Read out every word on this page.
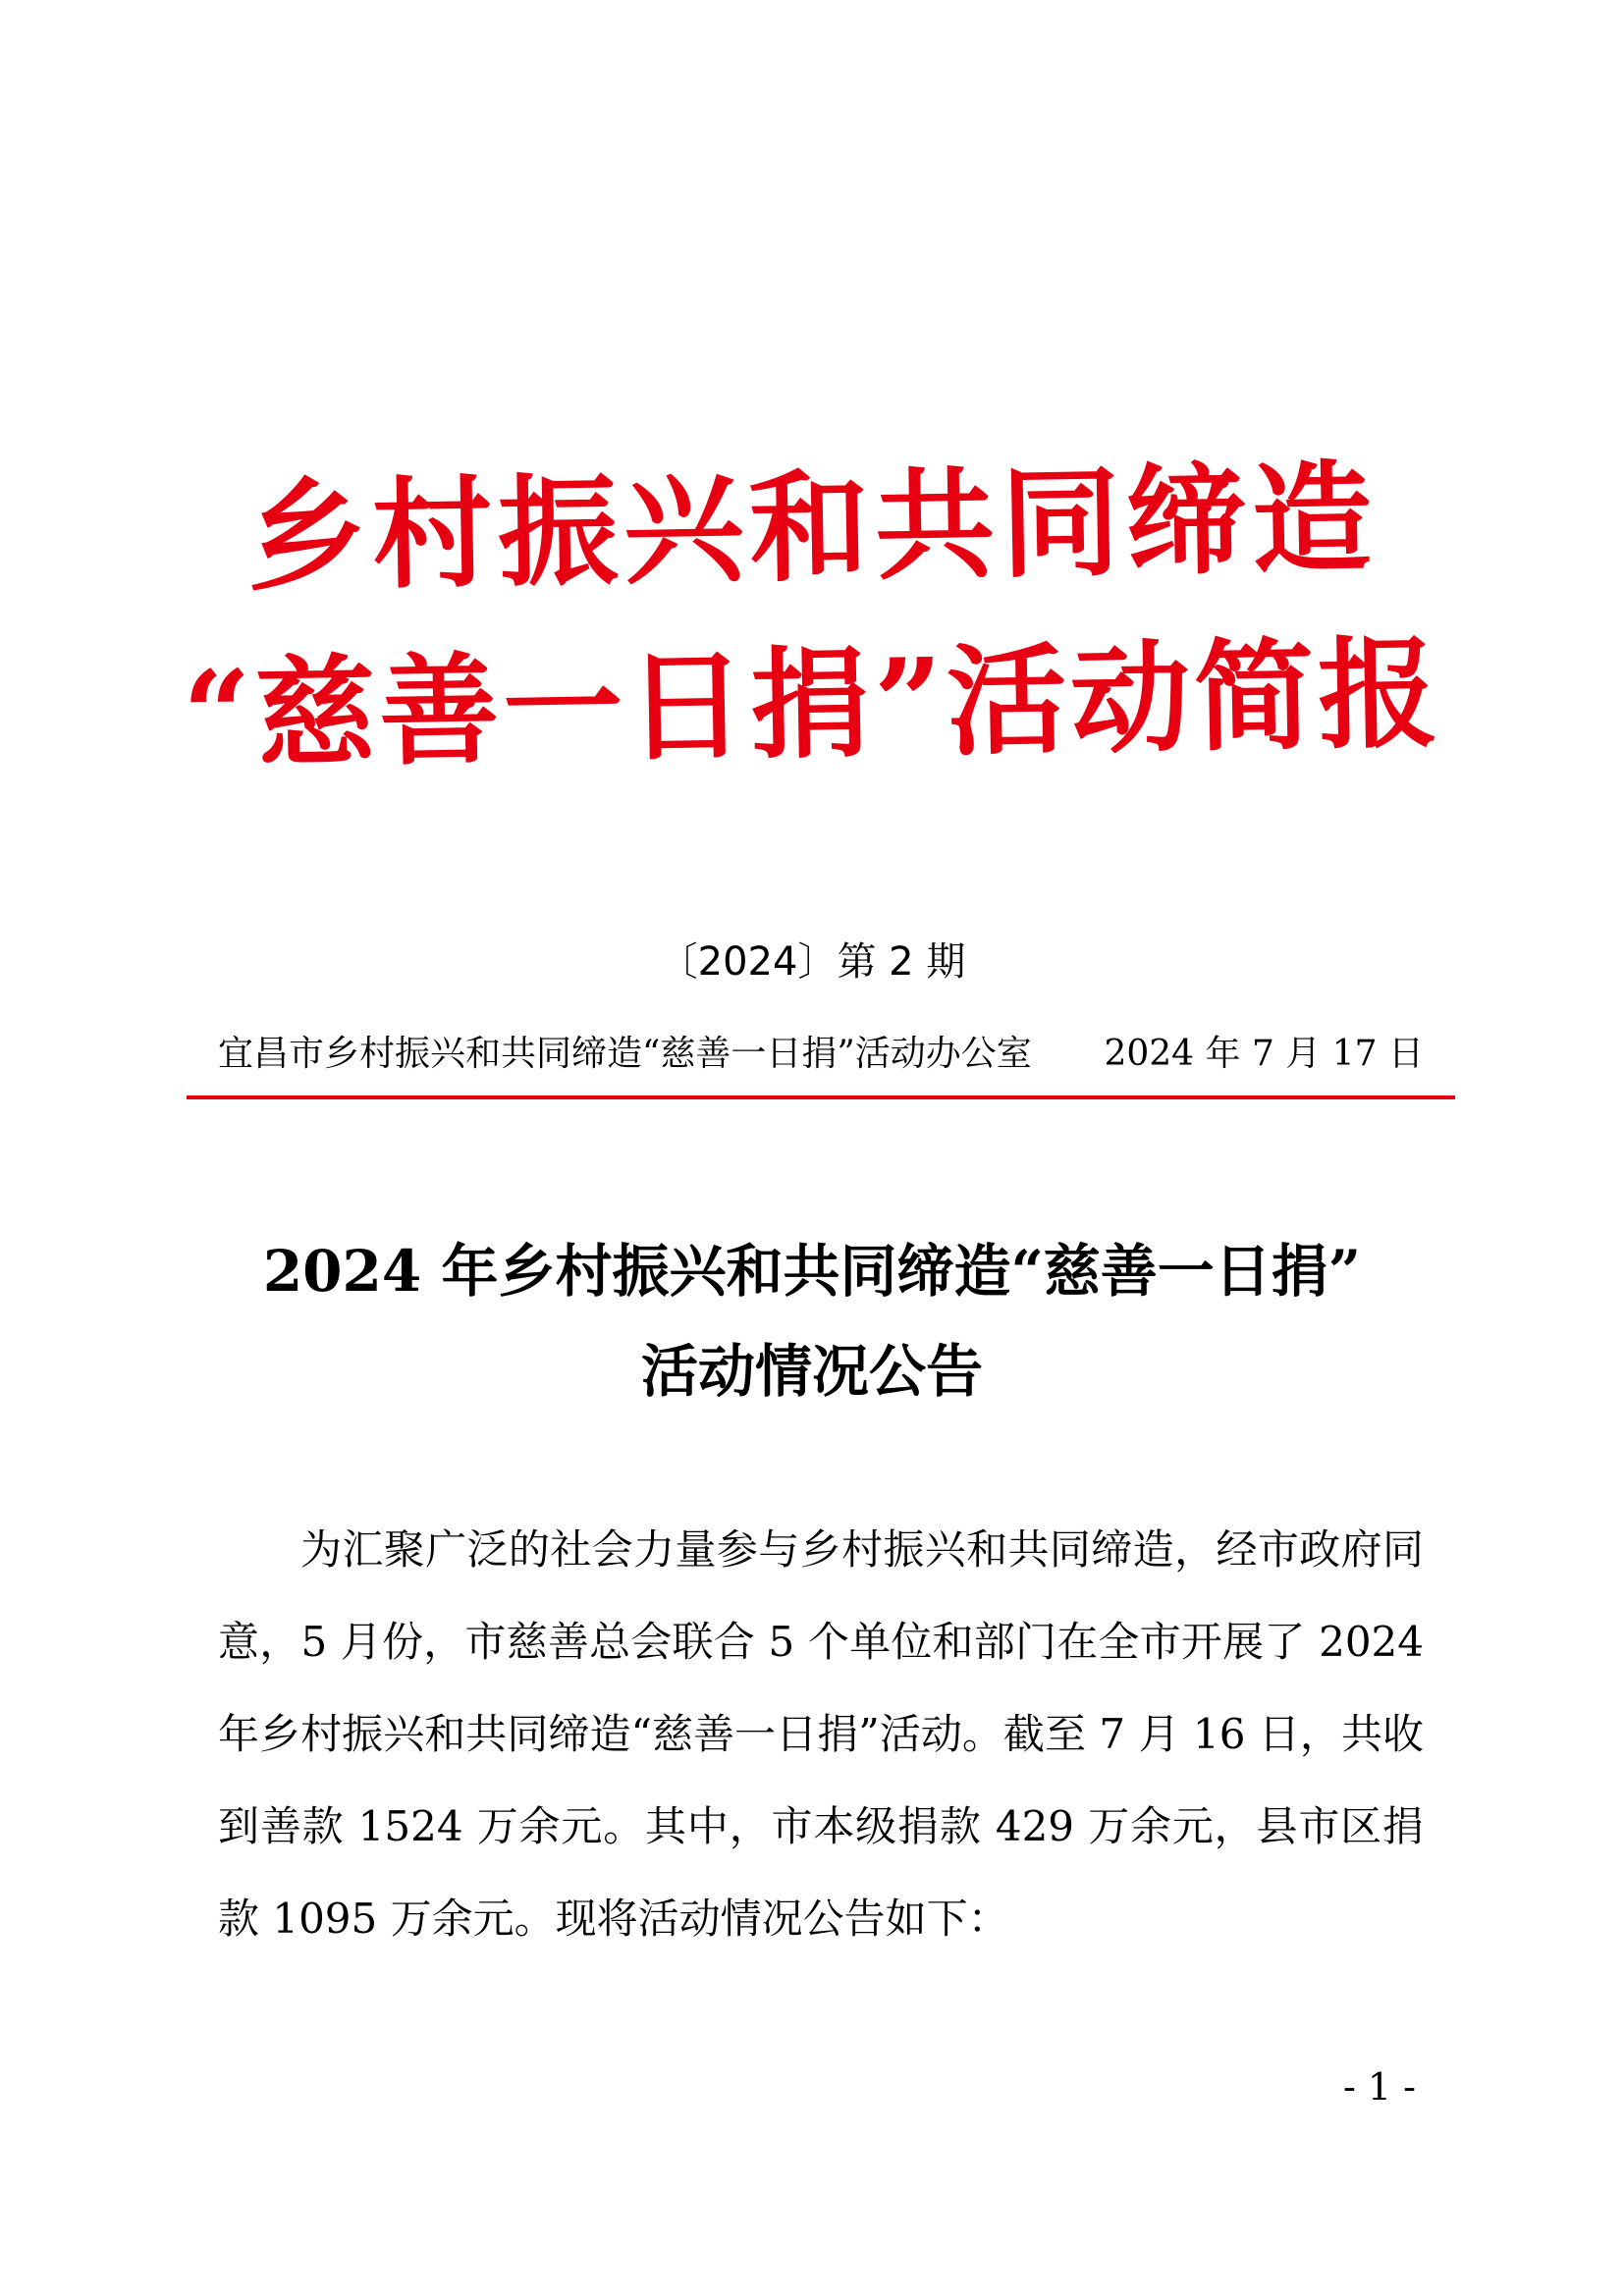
乡村振兴和共同缔造
“慈善一日捐”活动简报
〔2024〕第 2 期
宜昌市乡村振兴和共同缔造“慈善一日捐”活动办公室 2024 年 7 月 17 日
2024 年乡村振兴和共同缔造“慈善一日捐”
活动情况公告

为汇聚广泛的社会力量参与乡村振兴和共同缔造，经市政府同意，5 月份，市慈善总会联合 5 个单位和部门在全市开展了 2024 年乡村振兴和共同缔造“慈善一日捐”活动。截至 7 月 16 日，共收到善款 1524 万余元。其中，市本级捐款 429 万余元，县市区捐款 1095 万余元。现将活动情况公告如下：

- 1 -
